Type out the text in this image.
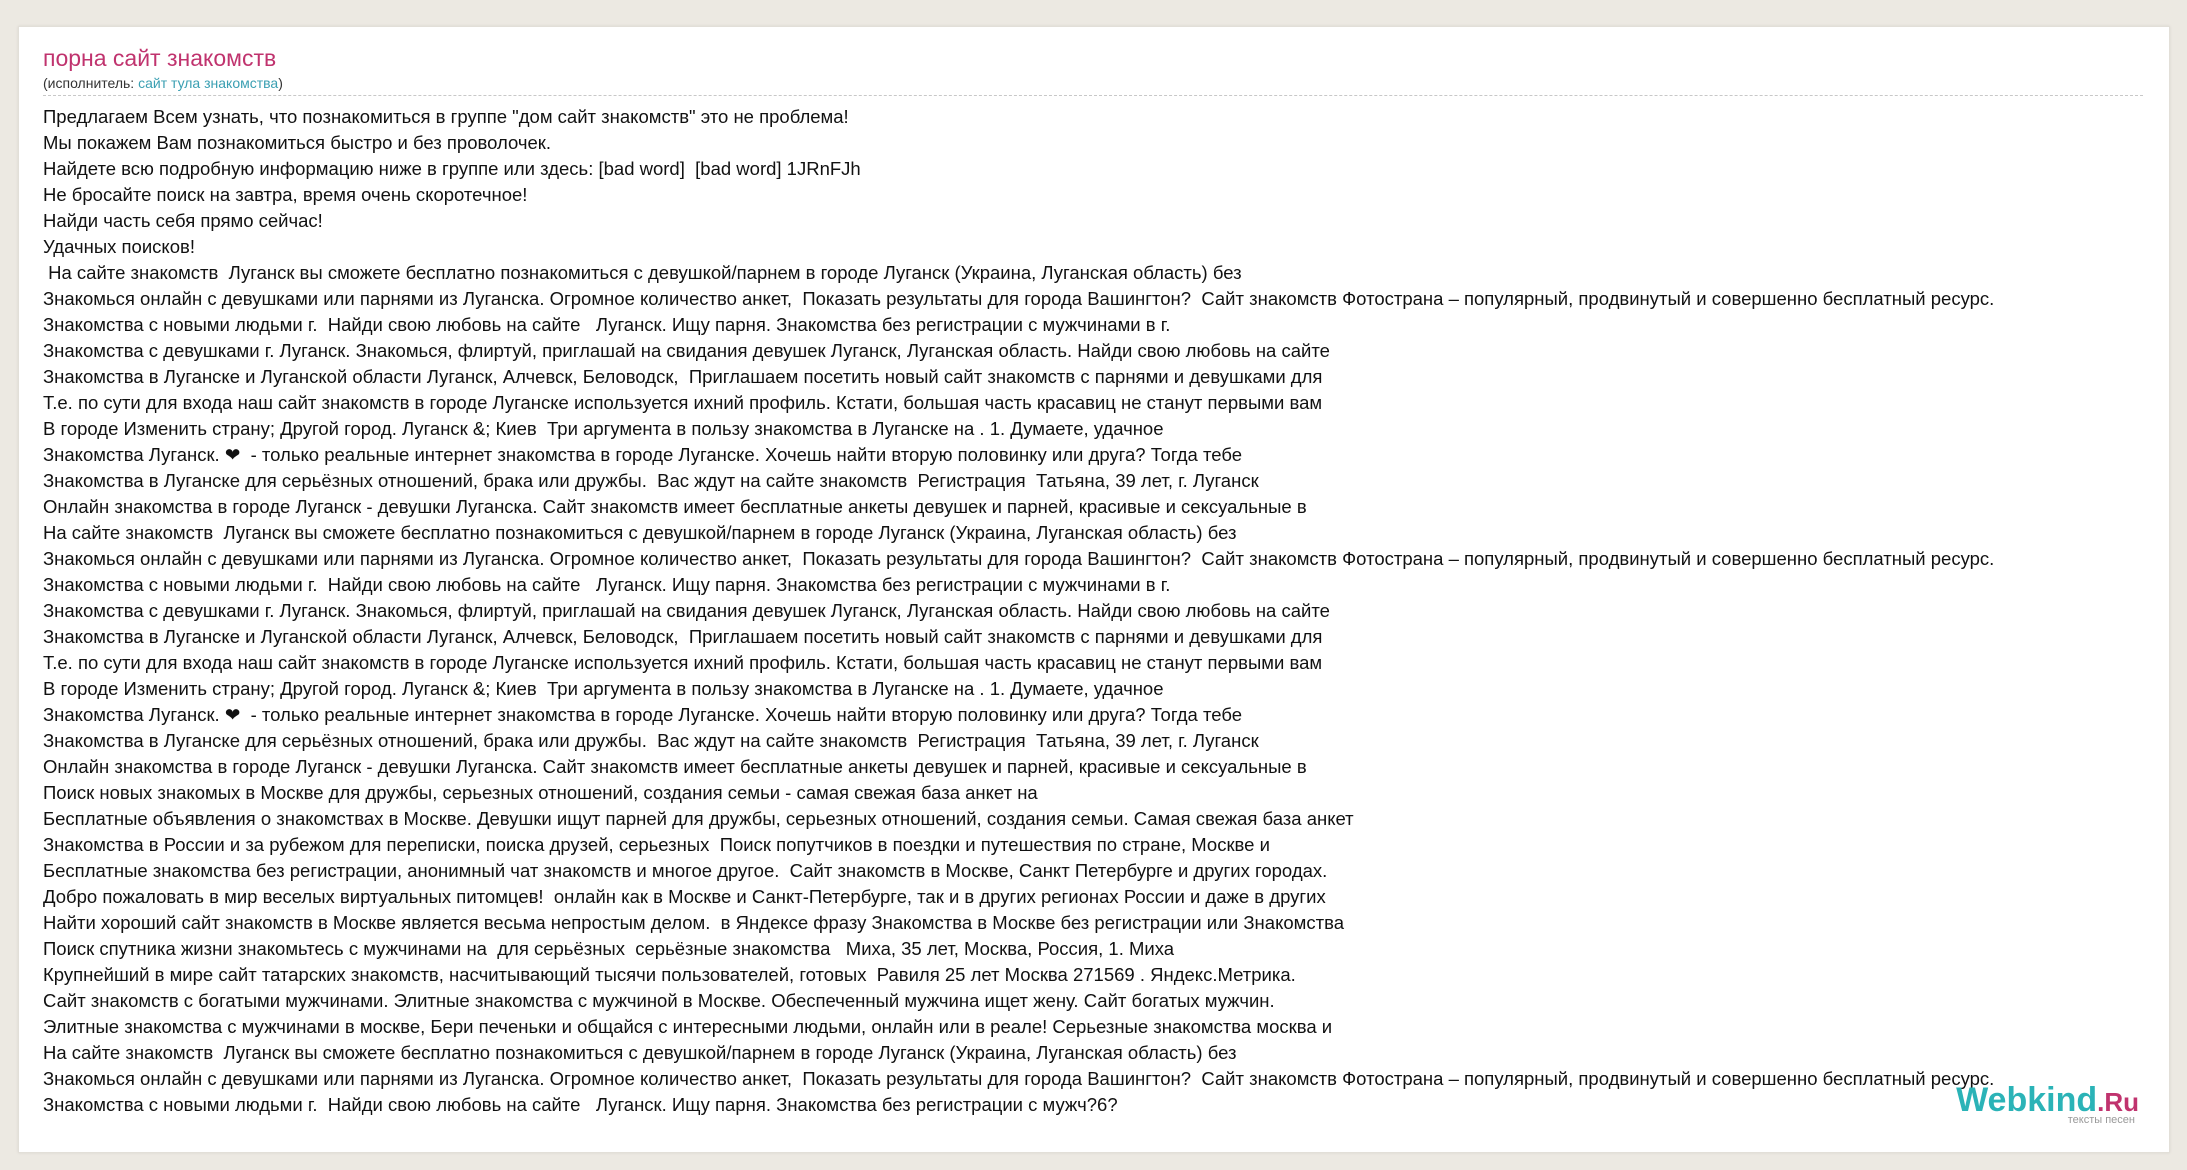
порна сайт знакомств
(исполнитель: сайт тула знакомства)
Предлагаем Всем узнать, что познакомиться в группе "дом сайт знакомств" это не проблема!
Мы покажем Вам познакомиться быстро и без проволочек.
Найдете всю подробную информацию ниже в группе или здесь: [bad word]  [bad word] 1JRnFJh
Не бросайте поиск на завтра, время очень скоротечное!
Найди часть себя прямо сейчас!
Удачных поисков!
На сайте знакомств  Луганск вы сможете бесплатно познакомиться с девушкой/парнем в городе Луганск (Украина, Луганская область) без
Знакомься онлайн с девушками или парнями из Луганска. Огромное количество анкет,  Показать результаты для города Вашингтон?  Сайт знакомств Фотострана – популярный, продвинутый и совершенно бесплатный ресурс.
Знакомства с новыми людьми г.  Найди свою любовь на сайте   Луганск. Ищу парня. Знакомства без регистрации с мужчинами в г.
Знакомства с девушками г. Луганск. Знакомься, флиртуй, приглашай на свидания девушек Луганск, Луганская область. Найди свою любовь на сайте
Знакомства в Луганске и Луганской области Луганск, Алчевск, Беловодск,  Приглашаем посетить новый сайт знакомств с парнями и девушками для
Т.е. по сути для входа наш сайт знакомств в городе Луганске используется ихний профиль. Кстати, большая часть красавиц не станут первыми вам
В городе Изменить страну; Другой город. Луганск &; Киев  Три аргумента в пользу знакомства в Луганске на . 1. Думаете, удачное
Знакомства Луганск. ❤  - только реальные интернет знакомства в городе Луганске. Хочешь найти вторую половинку или друга? Тогда тебе
Знакомства в Луганске для серьёзных отношений, брака или дружбы.  Вас ждут на сайте знакомств  Регистрация  Татьяна, 39 лет, г. Луганск
Онлайн знакомства в городе Луганск - девушки Луганска. Сайт знакомств имеет бесплатные анкеты девушек и парней, красивые и сексуальные в
На сайте знакомств  Луганск вы сможете бесплатно познакомиться с девушкой/парнем в городе Луганск (Украина, Луганская область) без
Знакомься онлайн с девушками или парнями из Луганска. Огромное количество анкет,  Показать результаты для города Вашингтон?  Сайт знакомств Фотострана – популярный, продвинутый и совершенно бесплатный ресурс.
Знакомства с новыми людьми г.  Найди свою любовь на сайте   Луганск. Ищу парня. Знакомства без регистрации с мужчинами в г.
Знакомства с девушками г. Луганск. Знакомься, флиртуй, приглашай на свидания девушек Луганск, Луганская область. Найди свою любовь на сайте
Знакомства в Луганске и Луганской области Луганск, Алчевск, Беловодск,  Приглашаем посетить новый сайт знакомств с парнями и девушками для
Т.е. по сути для входа наш сайт знакомств в городе Луганске используется ихний профиль. Кстати, большая часть красавиц не станут первыми вам
В городе Изменить страну; Другой город. Луганск &; Киев  Три аргумента в пользу знакомства в Луганске на . 1. Думаете, удачное
Знакомства Луганск. ❤  - только реальные интернет знакомства в городе Луганске. Хочешь найти вторую половинку или друга? Тогда тебе
Знакомства в Луганске для серьёзных отношений, брака или дружбы.  Вас ждут на сайте знакомств  Регистрация  Татьяна, 39 лет, г. Луганск
Онлайн знакомства в городе Луганск - девушки Луганска. Сайт знакомств имеет бесплатные анкеты девушек и парней, красивые и сексуальные в
Поиск новых знакомых в Москве для дружбы, серьезных отношений, создания семьи - самая свежая база анкет на
Бесплатные объявления о знакомствах в Москве. Девушки ищут парней для дружбы, серьезных отношений, создания семьи. Самая свежая база анкет
Знакомства в России и за рубежом для переписки, поиска друзей, серьезных  Поиск попутчиков в поездки и путешествия по стране, Москве и
Бесплатные знакомства без регистрации, анонимный чат знакомств и многое другое.  Сайт знакомств в Москве, Санкт Петербурге и других городах.
Добро пожаловать в мир веселых виртуальных питомцев!  онлайн как в Москве и Санкт-Петербурге, так и в других регионах России и даже в других
Найти хороший сайт знакомств в Москве является весьма непростым делом.  в Яндексе фразу Знакомства в Москве без регистрации или Знакомства
Поиск спутника жизни знакомьтесь с мужчинами на  для серьёзных  серьёзные знакомства   Миха, 35 лет, Москва, Россия, 1. Миха
Крупнейший в мире сайт татарских знакомств, насчитывающий тысячи пользователей, готовых  Равиля 25 лет Москва 271569 . Яндекс.Метрика.
Сайт знакомств с богатыми мужчинами. Элитные знакомства с мужчиной в Москве. Обеспеченный мужчина ищет жену. Сайт богатых мужчин.
Элитные знакомства с мужчинами в москве, Бери печеньки и общайся с интересными людьми, онлайн или в реале! Серьезные знакомства москва и
На сайте знакомств  Луганск вы сможете бесплатно познакомиться с девушкой/парнем в городе Луганск (Украина, Луганская область) без
Знакомься онлайн с девушками или парнями из Луганска. Огромное количество анкет,  Показать результаты для города Вашингтон?  Сайт знакомств Фотострана – популярный, продвинутый и совершенно бесплатный ресурс.
Знакомства с новыми людьми г.  Найди свою любовь на сайте   Луганск. Ищу парня. Знакомства без регистрации с мужч?6?	Webkind.Ru
тексты песен
